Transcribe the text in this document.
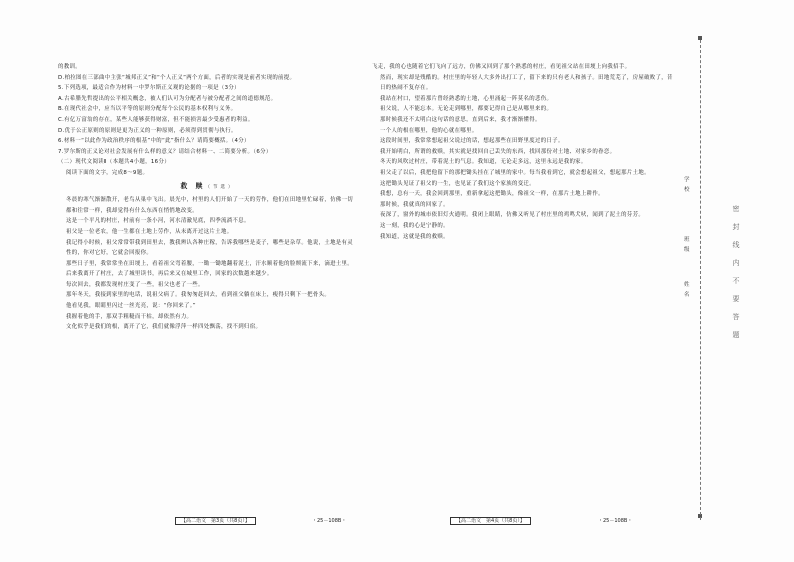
的教训。

D.柏拉图在三部曲中主张“城邦正义”和“个人正义”两个方面，后者的实现是前者实现的前提。

5.下列选项，最适合作为材料一中罗尔斯正义观的论据的一项是（3分）

A.古希腊先哲提出的公平相关概念，被人们认可为分配者与被分配者之间的道德规范。

B.在现代社会中，应当以平等的原则分配每个公民的基本权利与义务。

C.有亿万富翁的存在，某些人能够获得财富，但不能损害最少受惠者的利益。

D.优于公正原则的原则是更为正义的一种原则，必须得到贯彻与执行。

6.材料一“以此作为政治秩序的根基”中的“此”指什么？请简要概括。（4分）

7.罗尔斯的正义论对社会发展有什么样的意义？请结合材料一、二简要分析。（6分）

（二）现代文阅读Ⅱ（本题共4小题，16分）

阅读下面的文字，完成8～9题。

救 赎（节选）

冬晨的寒气渐渐散开，老鸟从巢中飞出。晨光中，村里的人们开始了一天的劳作，他们在田地里忙碌着，仿佛一切都和往常一样，我却觉得有什么东西在悄悄地改变。

这是一个平凡的村庄，村前有一条小河，河水清澈见底，四季流淌不息。

祖父是一位老农，他一生都在土地上劳作，从未离开过这片土地。

我记得小时候，祖父常常带我到田里去，教我辨认各种庄稼，告诉我哪些是麦子，哪些是杂草。他说，土地是有灵性的，你对它好，它就会回报你。

那些日子里，我常常坐在田埂上，看着祖父弯着腰，一锄一锄地翻着泥土，汗水顺着他的脸颊流下来，滴进土里。

后来我离开了村庄，去了城里读书，再后来又在城里工作，回家的次数越来越少。

每次回去，我都发现村庄变了一些，祖父也老了一些。

那年冬天，我接到家里的电话，说祖父病了。我匆匆赶回去，看到祖父躺在床上，瘦得只剩下一把骨头。

他看见我，眼睛里闪过一丝光亮，说：“你回来了。”

我握着他的手，那双手粗糙而干枯，却依然有力。

文化似乎是我们的根，离开了它，我们就像浮萍一样四处飘荡，找不到归宿。

飞走，我的心也随着它们飞向了远方，仿佛又回到了那个熟悉的村庄，看见祖父站在田埂上向我招手。

然而，现实却是残酷的。村庄里的年轻人大多外出打工了，留下来的只有老人和孩子。田地荒芜了，房屋破败了，昔日的热闹不复存在。

我站在村口，望着那片曾经熟悉的土地，心里涌起一阵莫名的悲伤。

祖父说，人不能忘本。无论走到哪里，都要记得自己是从哪里来的。

那时候我还不太明白这句话的意思，直到后来，我才渐渐懂得。

一个人的根在哪里，他的心就在哪里。

这段时间里，我常常想起祖父说过的话，想起那些在田野里度过的日子。

我开始明白，所谓的救赎，其实就是找回自己丢失的东西，找回那份对土地、对家乡的眷恋。

冬天的风吹过村庄，带着泥土的气息。我知道，无论走多远，这里永远是我的家。

祖父走了以后，我把他留下的那把锄头挂在了城里的家中。每当我看到它，就会想起祖父，想起那片土地。

这把锄头见证了祖父的一生，也见证了我们这个家族的变迁。

我想，总有一天，我会回到那里，重新拿起这把锄头，像祖父一样，在那片土地上耕作。

那时候，我就真的回家了。

夜深了，窗外的城市依旧灯火通明。我闭上眼睛，仿佛又听见了村庄里的鸡鸣犬吠，闻到了泥土的芬芳。

这一刻，我的心是宁静的。

我知道，这就是我的救赎。

【高二语文　第3页（共8页）】	・25－108B・	【高二语文　第4页（共8页）】	・25－108B・
学
校
班
级
姓
名
密
封
线
内
不
要
答
题
